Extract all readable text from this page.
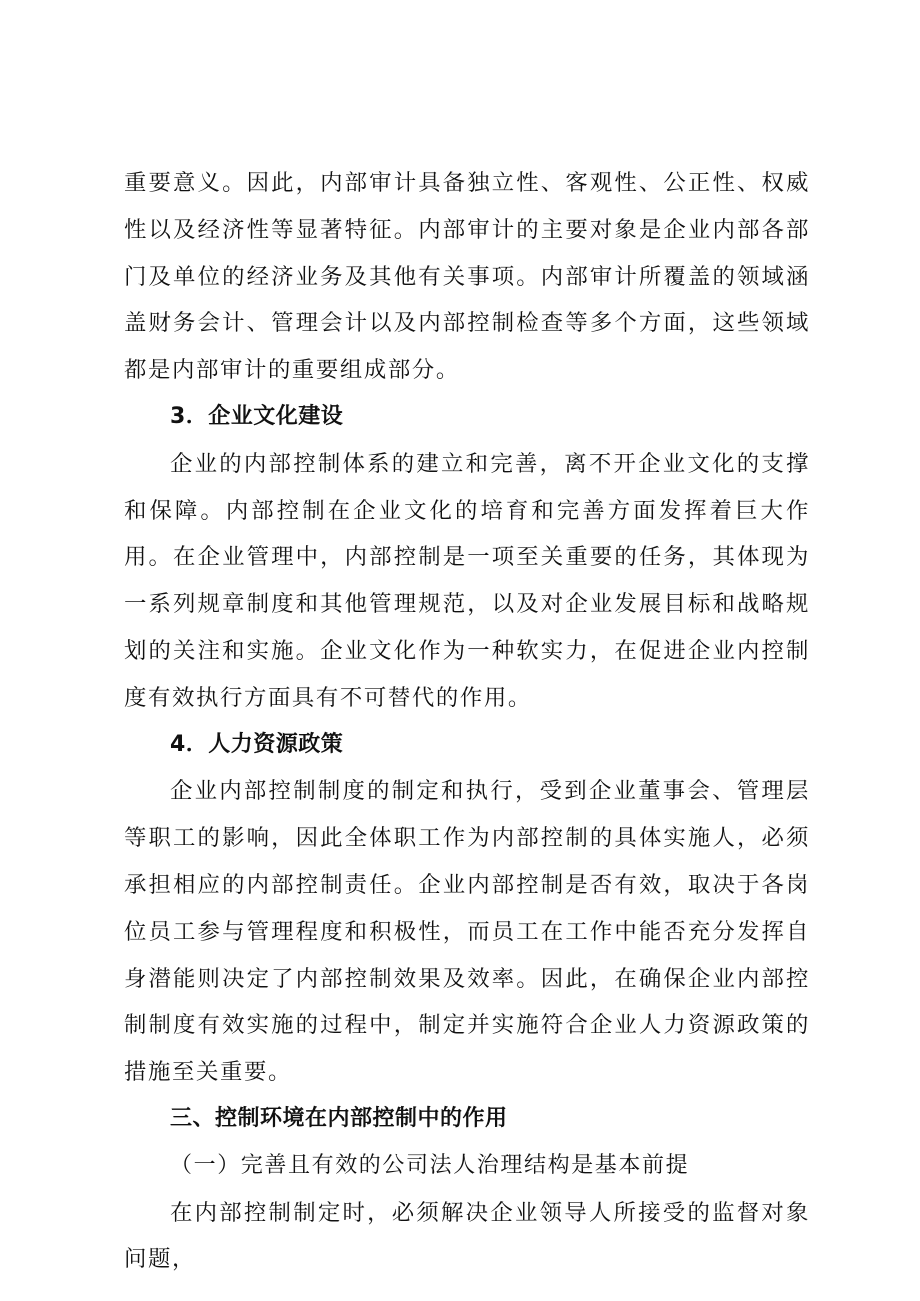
重要意义。因此，内部审计具备独立性、客观性、公正性、权威性以及经济性等显著特征。内部审计的主要对象是企业内部各部门及单位的经济业务及其他有关事项。内部审计所覆盖的领域涵盖财务会计、管理会计以及内部控制检查等多个方面，这些领域都是内部审计的重要组成部分。

3．企业文化建设

企业的内部控制体系的建立和完善，离不开企业文化的支撑和保障。内部控制在企业文化的培育和完善方面发挥着巨大作用。在企业管理中，内部控制是一项至关重要的任务，其体现为一系列规章制度和其他管理规范，以及对企业发展目标和战略规划的关注和实施。企业文化作为一种软实力，在促进企业内控制度有效执行方面具有不可替代的作用。

4．人力资源政策

企业内部控制制度的制定和执行，受到企业董事会、管理层等职工的影响，因此全体职工作为内部控制的具体实施人，必须承担相应的内部控制责任。企业内部控制是否有效，取决于各岗位员工参与管理程度和积极性，而员工在工作中能否充分发挥自身潜能则决定了内部控制效果及效率。因此，在确保企业内部控制制度有效实施的过程中，制定并实施符合企业人力资源政策的措施至关重要。

三、控制环境在内部控制中的作用

（一）完善且有效的公司法人治理结构是基本前提

在内部控制制定时，必须解决企业领导人所接受的监督对象问题，
